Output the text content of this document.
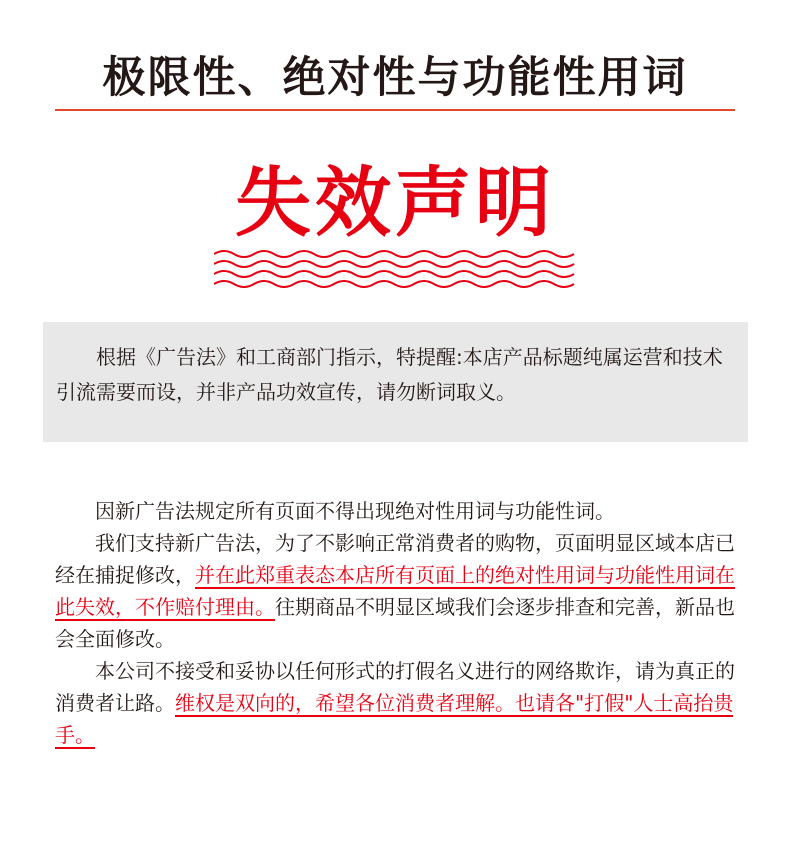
极限性、绝对性与功能性用词
失效声明

根据《广告法》和工商部门指示，特提醒:本店产品标题纯属运营和技术引流需要而设，并非产品功效宣传，请勿断词取义。

因新广告法规定所有页面不得出现绝对性用词与功能性词。

我们支持新广告法，为了不影响正常消费者的购物，页面明显区域本店已经在捕捉修改，并在此郑重表态本店所有页面上的绝对性用词与功能性用词在此失效，不作赔付理由。往期商品不明显区域我们会逐步排查和完善，新品也会全面修改。

本公司不接受和妥协以任何形式的打假名义进行的网络欺诈，请为真正的消费者让路。维权是双向的，希望各位消费者理解。也请各"打假"人士高抬贵手。
